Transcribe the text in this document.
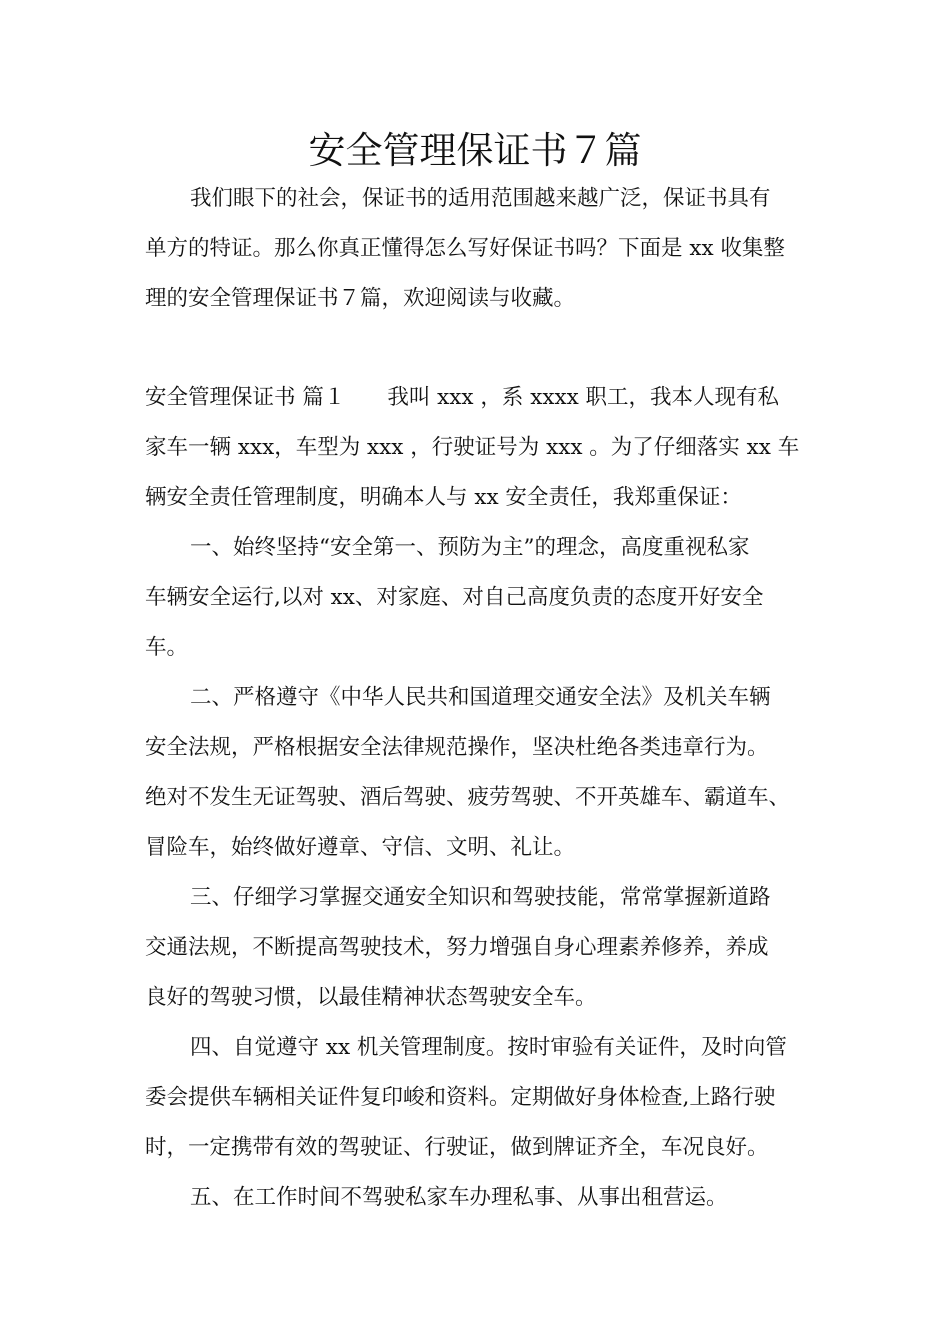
安全管理保证书７篇
我们眼下的社会，保证书的适用范围越来越广泛，保证书具有
单方的特证。那么你真正懂得怎么写好保证书吗？下面是 xx 收集整
理的安全管理保证书７篇，欢迎阅读与收藏。
安全管理保证书 篇１ 我叫 xxx ，系 xxxx 职工，我本人现有私
家车一辆 xxx，车型为 xxx ，行驶证号为 xxx 。为了仔细落实 xx 车
辆安全责任管理制度，明确本人与 xx 安全责任，我郑重保证：
一、始终坚持“安全第一、预防为主”的理念，高度重视私家
车辆安全运行,以对 xx、对家庭、对自己高度负责的态度开好安全
车。
二、严格遵守《中华人民共和国道理交通安全法》及机关车辆
安全法规，严格根据安全法律规范操作，坚决杜绝各类违章行为。
绝对不发生无证驾驶、酒后驾驶、疲劳驾驶、不开英雄车、霸道车、
冒险车，始终做好遵章、守信、文明、礼让。
三、仔细学习掌握交通安全知识和驾驶技能，常常掌握新道路
交通法规，不断提高驾驶技术，努力增强自身心理素养修养，养成
良好的驾驶习惯，以最佳精神状态驾驶安全车。
四、自觉遵守 xx 机关管理制度。按时审验有关证件，及时向管
委会提供车辆相关证件复印峻和资料。定期做好身体检查,上路行驶
时，一定携带有效的驾驶证、行驶证，做到牌证齐全，车况良好。
五、在工作时间不驾驶私家车办理私事、从事出租营运。
